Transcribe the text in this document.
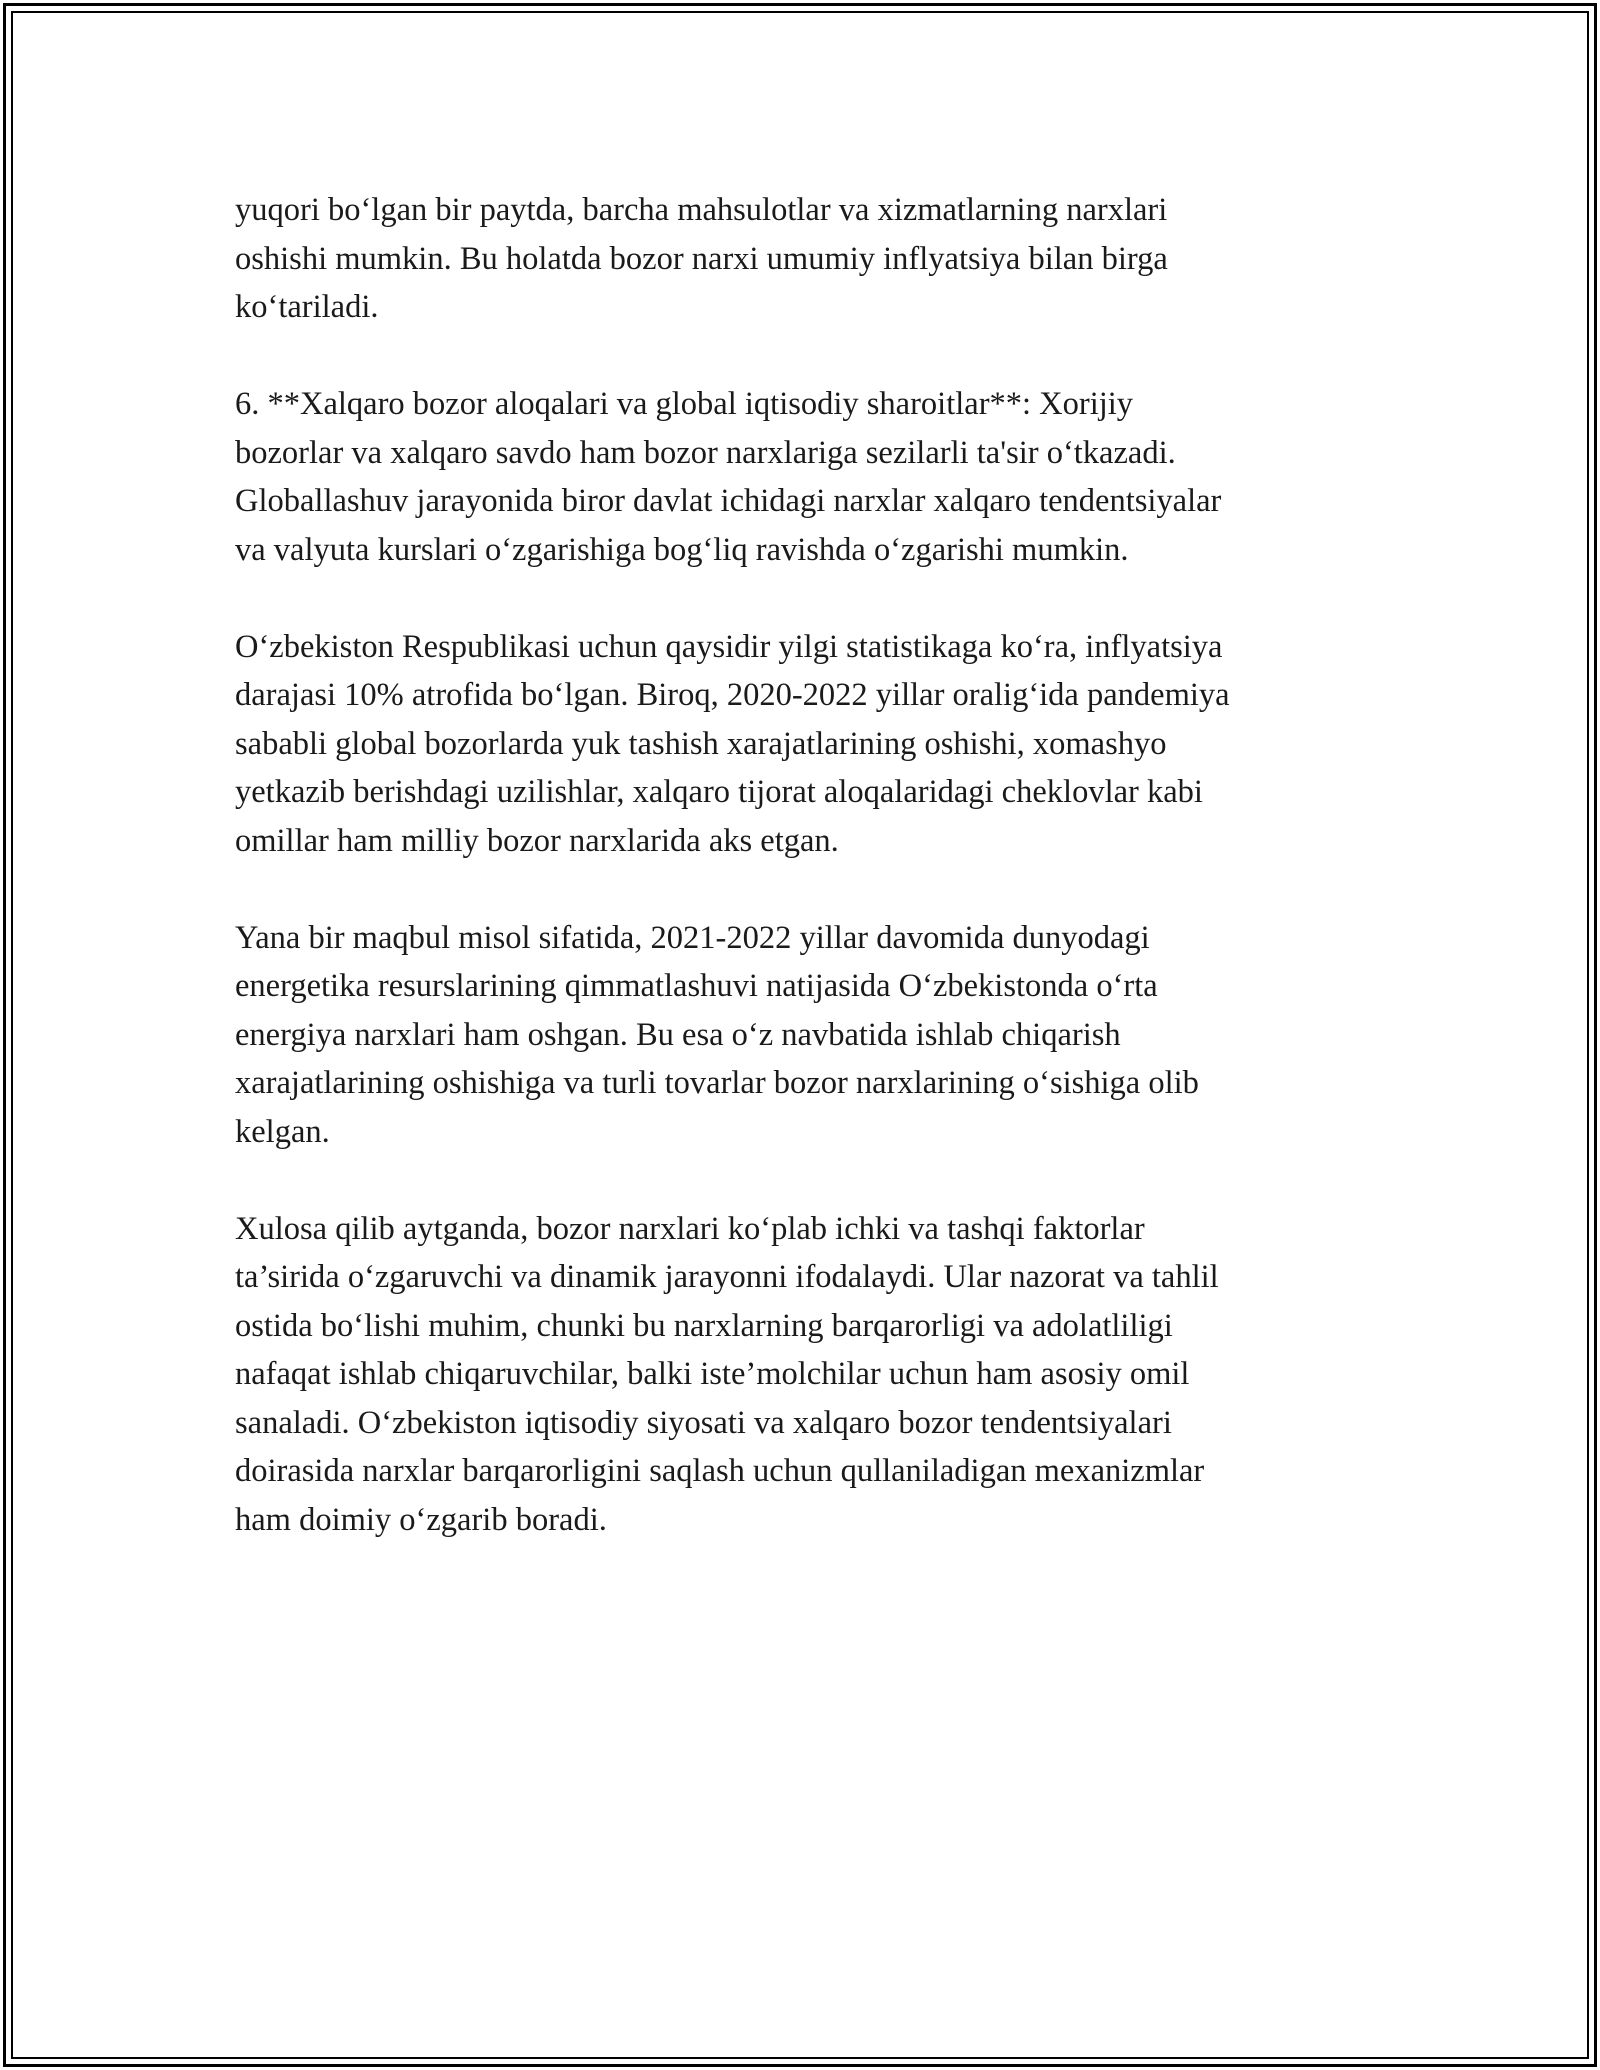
yuqori bo‘lgan bir paytda, barcha mahsulotlar va xizmatlarning narxlari
oshishi mumkin. Bu holatda bozor narxi umumiy inflyatsiya bilan birga
ko‘tariladi.

6. **Xalqaro bozor aloqalari va global iqtisodiy sharoitlar**: Xorijiy
bozorlar va xalqaro savdo ham bozor narxlariga sezilarli ta'sir o‘tkazadi.
Globallashuv jarayonida biror davlat ichidagi narxlar xalqaro tendentsiyalar
va valyuta kurslari o‘zgarishiga bog‘liq ravishda o‘zgarishi mumkin.

O‘zbekiston Respublikasi uchun qaysidir yilgi statistikaga ko‘ra, inflyatsiya
darajasi 10% atrofida bo‘lgan. Biroq, 2020-2022 yillar oralig‘ida pandemiya
sababli global bozorlarda yuk tashish xarajatlarining oshishi, xomashyo
yetkazib berishdagi uzilishlar, xalqaro tijorat aloqalaridagi cheklovlar kabi
omillar ham milliy bozor narxlarida aks etgan.

Yana bir maqbul misol sifatida, 2021-2022 yillar davomida dunyodagi
energetika resurslarining qimmatlashuvi natijasida O‘zbekistonda o‘rta
energiya narxlari ham oshgan. Bu esa o‘z navbatida ishlab chiqarish
xarajatlarining oshishiga va turli tovarlar bozor narxlarining o‘sishiga olib
kelgan.

Xulosa qilib aytganda, bozor narxlari ko‘plab ichki va tashqi faktorlar
ta’sirida o‘zgaruvchi va dinamik jarayonni ifodalaydi. Ular nazorat va tahlil
ostida bo‘lishi muhim, chunki bu narxlarning barqarorligi va adolatliligi
nafaqat ishlab chiqaruvchilar, balki iste’molchilar uchun ham asosiy omil
sanaladi. O‘zbekiston iqtisodiy siyosati va xalqaro bozor tendentsiyalari
doirasida narxlar barqarorligini saqlash uchun qullaniladigan mexanizmlar
ham doimiy o‘zgarib boradi.
